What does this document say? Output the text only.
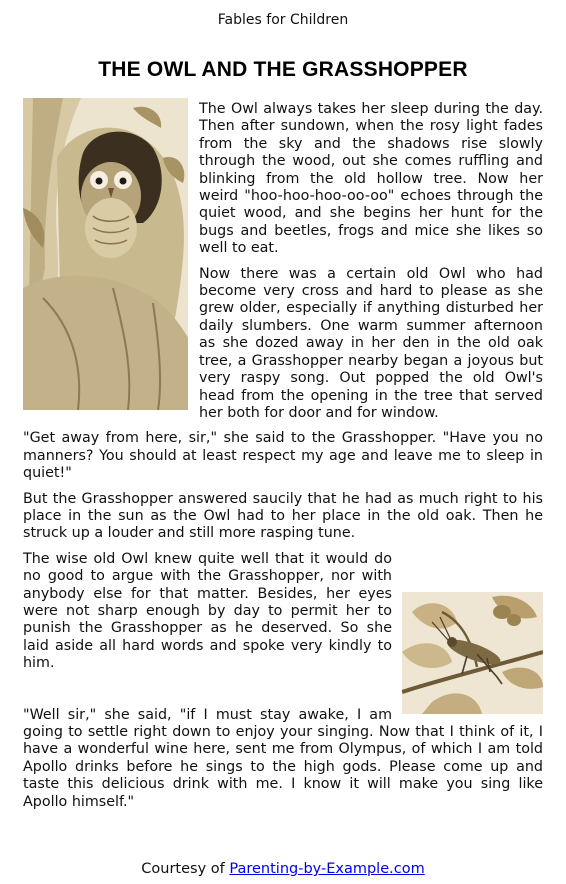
Fables for Children
THE OWL AND THE GRASSHOPPER

The Owl always takes her sleep during the day. Then after sundown, when the rosy light fades from the sky and the shadows rise slowly through the wood, out she comes ruffling and blinking from the old hollow tree. Now her weird "hoo-hoo-hoo-oo-oo" echoes through the quiet wood, and she begins her hunt for the bugs and beetles, frogs and mice she likes so well to eat.

Now there was a certain old Owl who had become very cross and hard to please as she grew older, especially if anything disturbed her daily slumbers. One warm summer afternoon as she dozed away in her den in the old oak tree, a Grasshopper nearby began a joyous but very raspy song. Out popped the old Owl's head from the opening in the tree that served her both for door and for window.

"Get away from here, sir," she said to the Grasshopper. "Have you no manners? You should at least respect my age and leave me to sleep in quiet!"

But the Grasshopper answered saucily that he had as much right to his place in the sun as the Owl had to her place in the old oak. Then he struck up a louder and still more rasping tune.

The wise old Owl knew quite well that it would do no good to argue with the Grasshopper, nor with anybody else for that matter. Besides, her eyes were not sharp enough by day to permit her to punish the Grasshopper as he deserved. So she laid aside all hard words and spoke very kindly to him.

"Well sir," she said, "if I must stay awake, I am going to settle right down to enjoy your singing. Now that I think of it, I have a wonderful wine here, sent me from Olympus, of which I am told Apollo drinks before he sings to the high gods. Please come up and taste this delicious drink with me. I know it will make you sing like Apollo himself."

Courtesy of Parenting-by-Example.com
